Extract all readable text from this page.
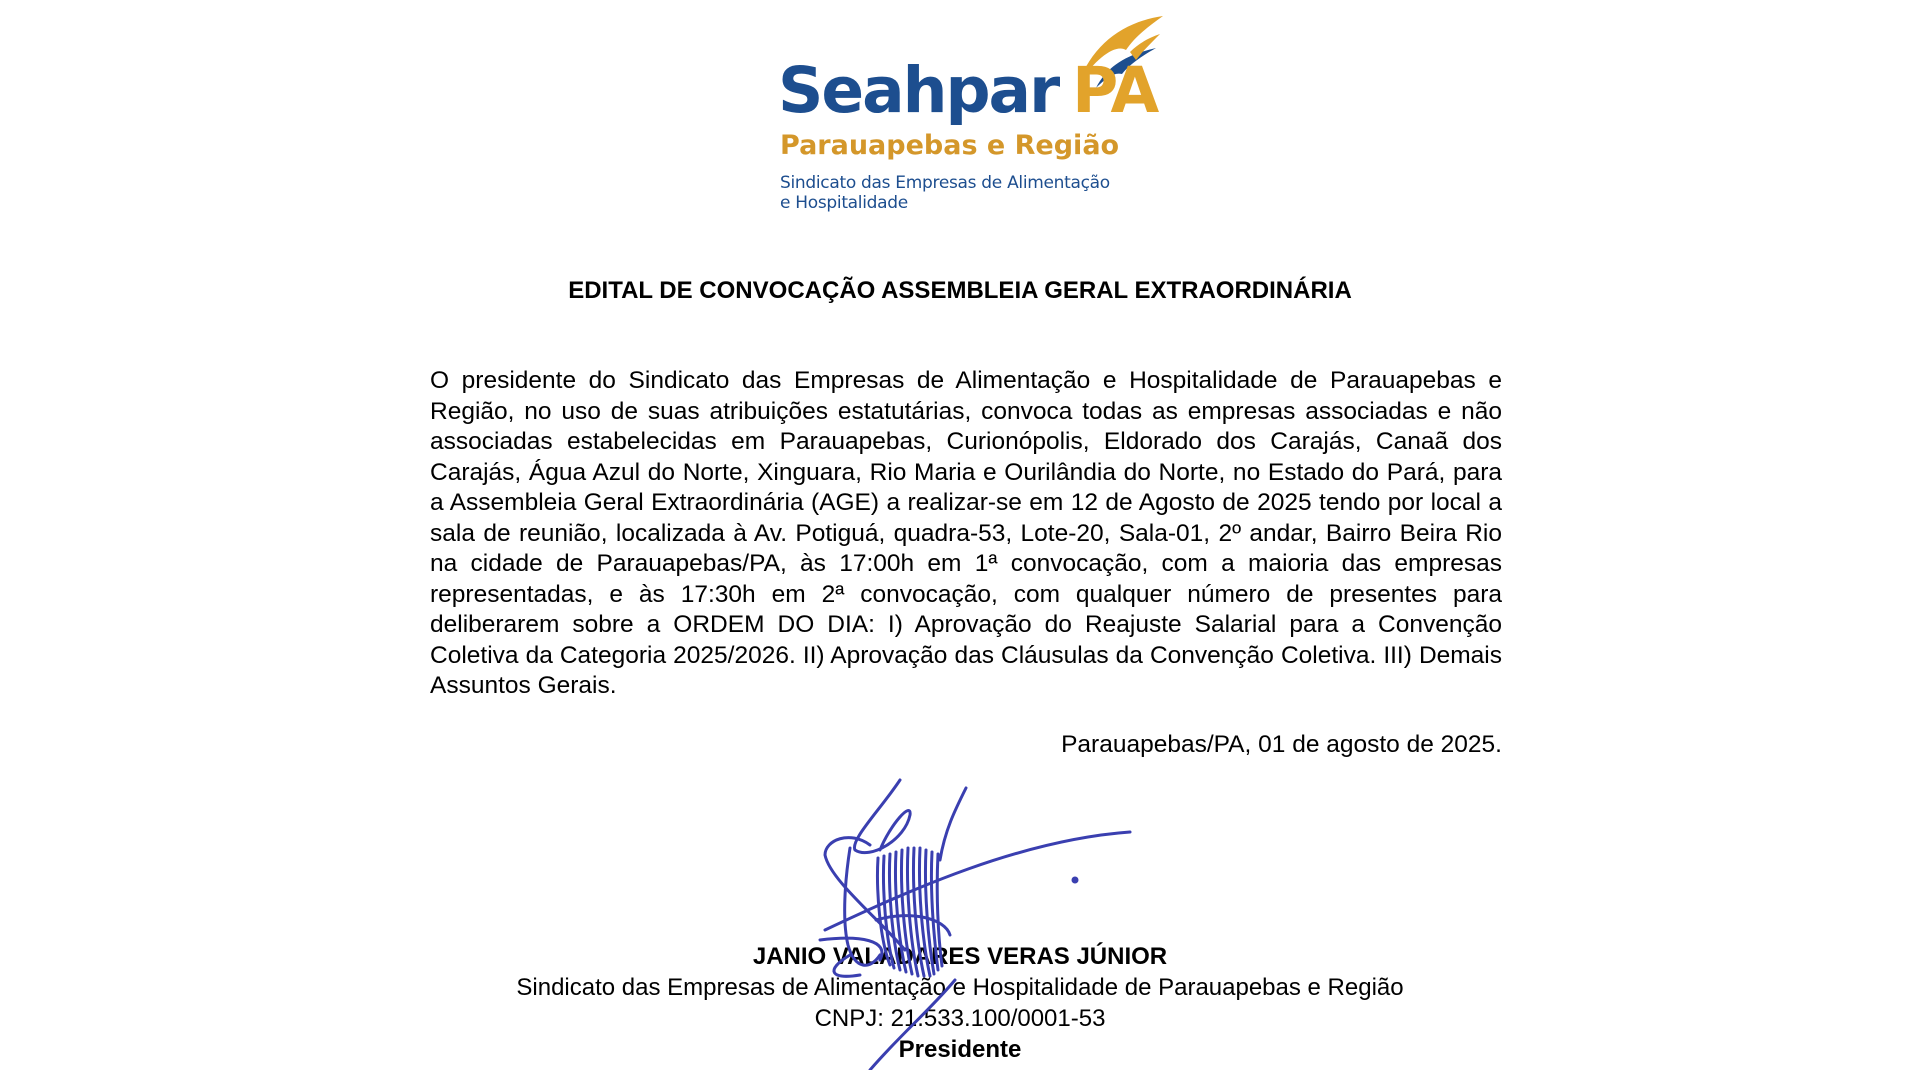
Seahpar PA
Parauapebas e Região
Sindicato das Empresas de Alimentação
e Hospitalidade
EDITAL DE CONVOCAÇÃO ASSEMBLEIA GERAL EXTRAORDINÁRIA

O presidente do Sindicato das Empresas de Alimentação e Hospitalidade de Parauapebas e Região, no uso de suas atribuições estatutárias, convoca todas as empresas associadas e não associadas estabelecidas em Parauapebas, Curionópolis, Eldorado dos Carajás, Canaã dos Carajás, Água Azul do Norte, Xinguara, Rio Maria e Ourilândia do Norte, no Estado do Pará, para a Assembleia Geral Extraordinária (AGE) a realizar-se em 12 de Agosto de 2025 tendo por local a sala de reunião, localizada à Av. Potiguá, quadra-53, Lote-20, Sala-01, 2º andar, Bairro Beira Rio na cidade de Parauapebas/PA, às 17:00h em 1ª convocação, com a maioria das empresas representadas, e às 17:30h em 2ª convocação, com qualquer número de presentes para deliberarem sobre a ORDEM DO DIA: I) Aprovação do Reajuste Salarial para a Convenção Coletiva da Categoria 2025/2026. II) Aprovação das Cláusulas da Convenção Coletiva. III) Demais Assuntos Gerais.

Parauapebas/PA, 01 de agosto de 2025.
JANIO VALADARES VERAS JÚNIOR
Sindicato das Empresas de Alimentação e Hospitalidade de Parauapebas e Região
CNPJ: 21.533.100/0001-53
Presidente
